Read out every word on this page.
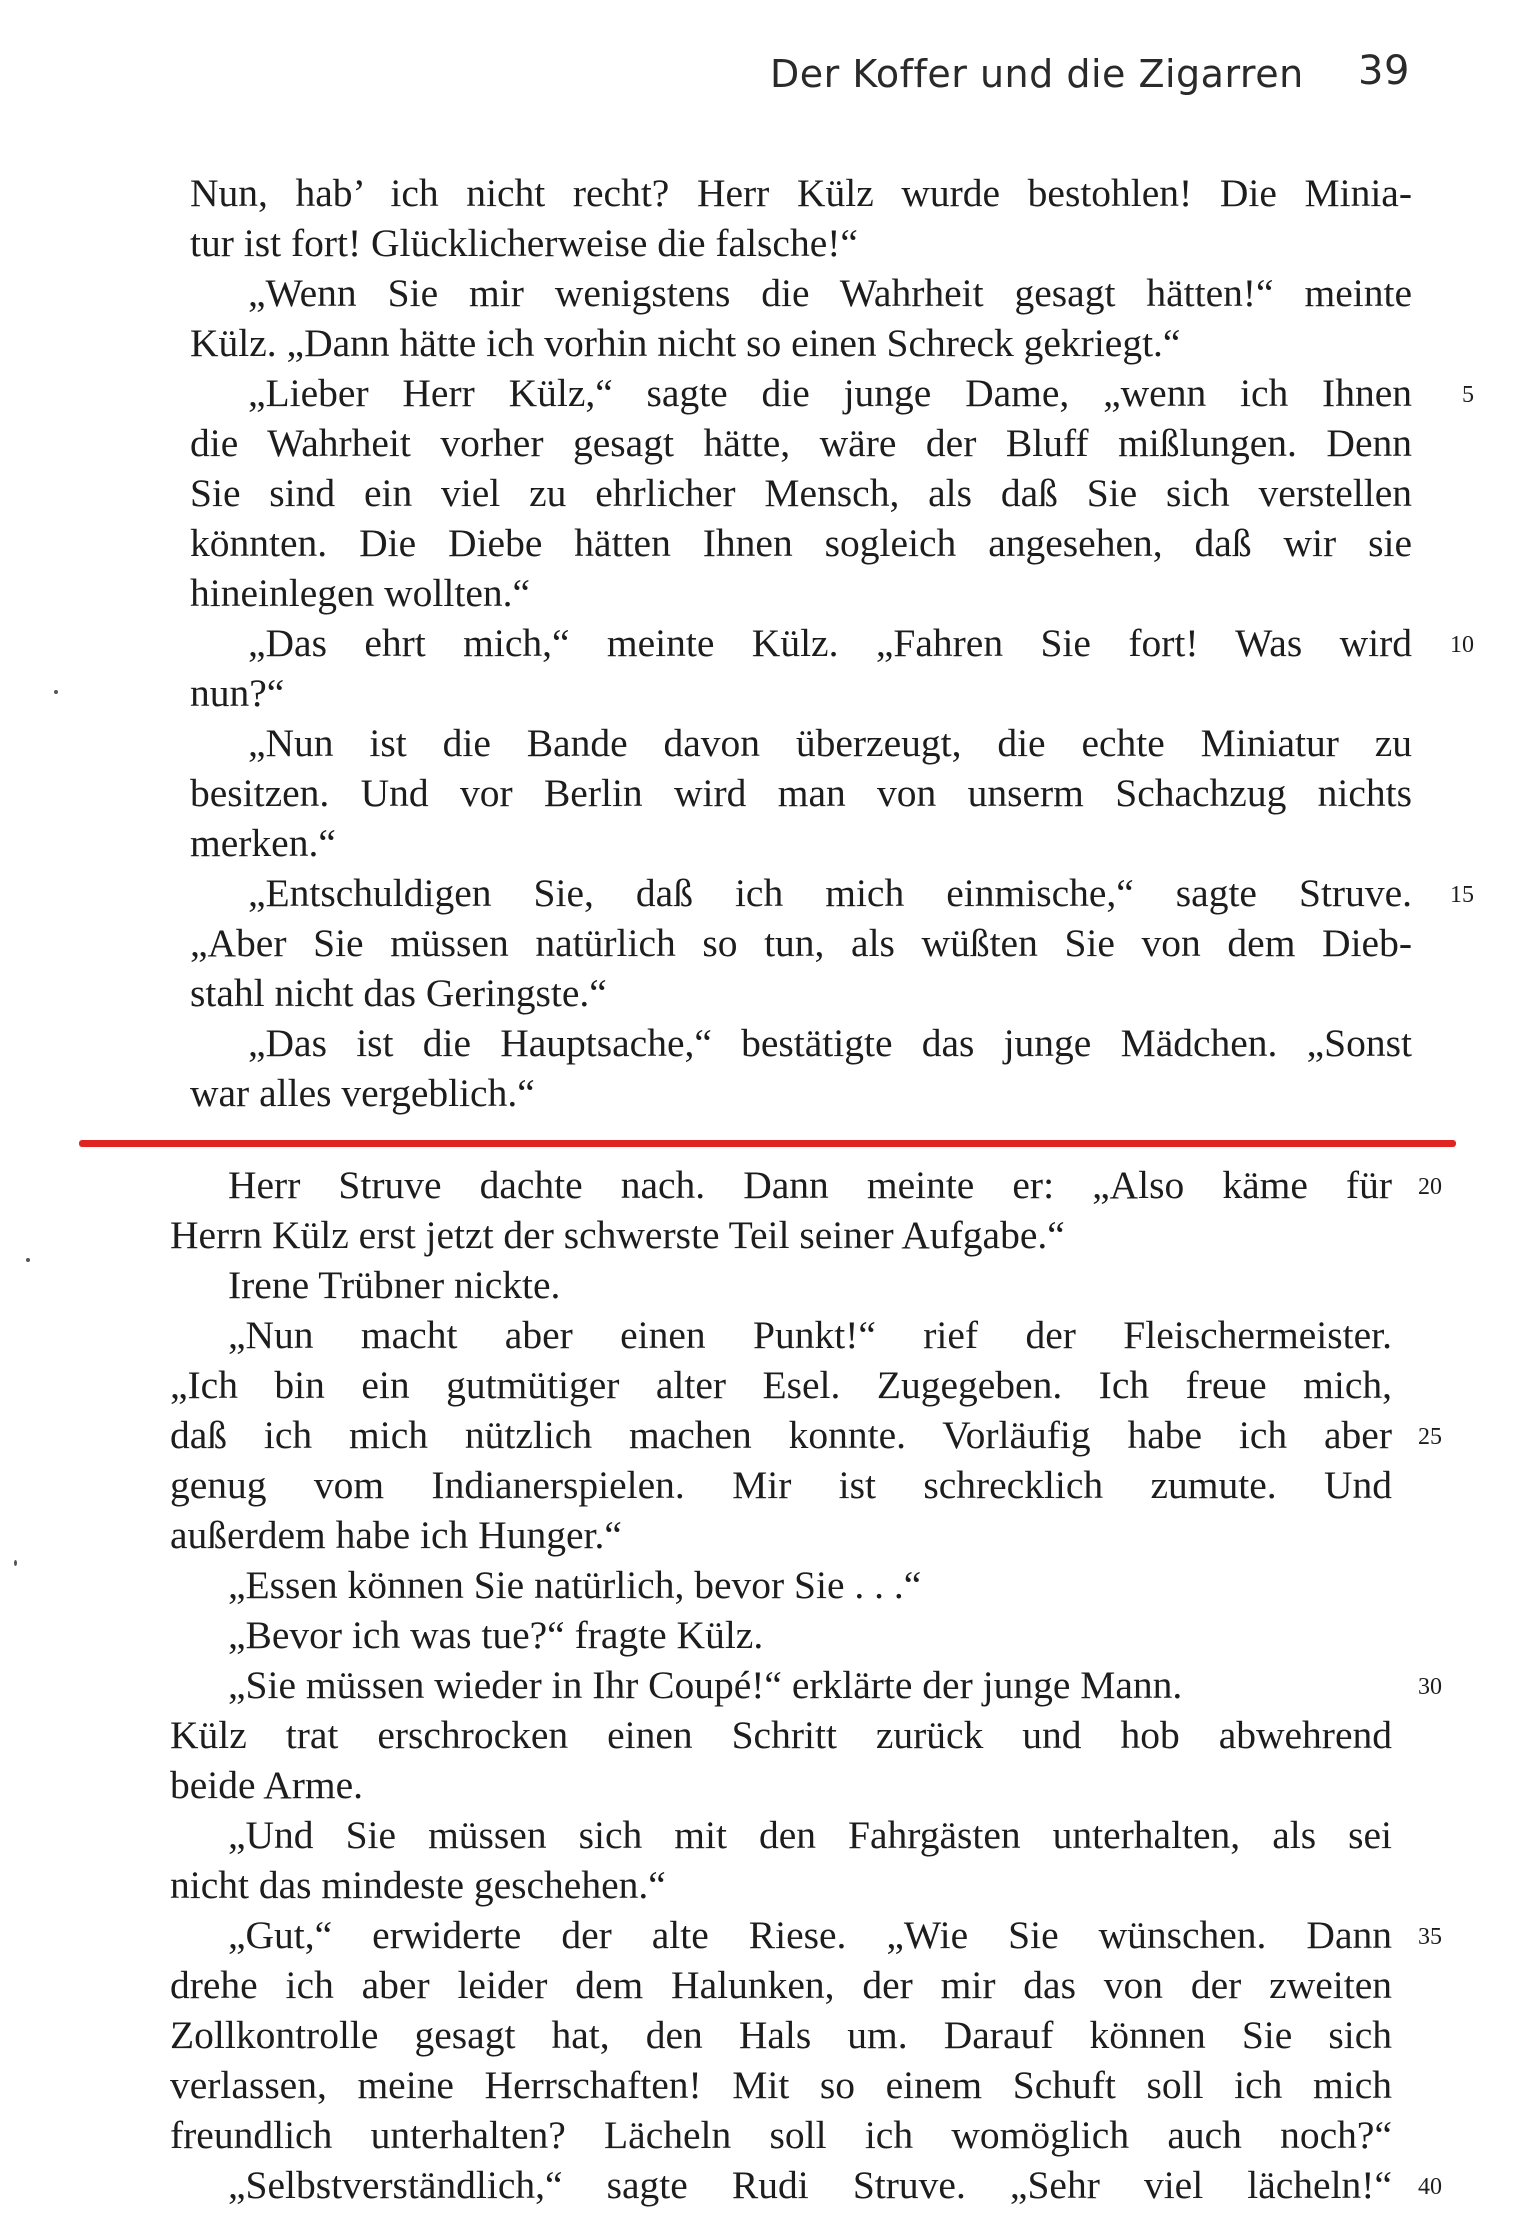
Der Koffer und die Zigarren 39
Nun, hab’ ich nicht recht? Herr Külz wurde bestohlen! Die Minia-
tur ist fort! Glücklicherweise die falsche!“
„Wenn Sie mir wenigstens die Wahrheit gesagt hätten!“ meinte
Külz. „Dann hätte ich vorhin nicht so einen Schreck gekriegt.“
„Lieber Herr Külz,“ sagte die junge Dame, „wenn ich Ihnen 5
die Wahrheit vorher gesagt hätte, wäre der Bluff mißlungen. Denn
Sie sind ein viel zu ehrlicher Mensch, als daß Sie sich verstellen
könnten. Die Diebe hätten Ihnen sogleich angesehen, daß wir sie
hineinlegen wollten.“
„Das ehrt mich,“ meinte Külz. „Fahren Sie fort! Was wird 10
nun?“
„Nun ist die Bande davon überzeugt, die echte Miniatur zu
besitzen. Und vor Berlin wird man von unserm Schachzug nichts
merken.“
„Entschuldigen Sie, daß ich mich einmische,“ sagte Struve. 15
„Aber Sie müssen natürlich so tun, als wüßten Sie von dem Dieb-
stahl nicht das Geringste.“
„Das ist die Hauptsache,“ bestätigte das junge Mädchen. „Sonst
war alles vergeblich.“
Herr Struve dachte nach. Dann meinte er: „Also käme für 20
Herrn Külz erst jetzt der schwerste Teil seiner Aufgabe.“
Irene Trübner nickte.
„Nun macht aber einen Punkt!“ rief der Fleischermeister.
„Ich bin ein gutmütiger alter Esel. Zugegeben. Ich freue mich,
daß ich mich nützlich machen konnte. Vorläufig habe ich aber 25
genug vom Indianerspielen. Mir ist schrecklich zumute. Und
außerdem habe ich Hunger.“
„Essen können Sie natürlich, bevor Sie . . .“
„Bevor ich was tue?“ fragte Külz.
„Sie müssen wieder in Ihr Coupé!“ erklärte der junge Mann.	30
Külz trat erschrocken einen Schritt zurück und hob abwehrend
beide Arme.
„Und Sie müssen sich mit den Fahrgästen unterhalten, als sei
nicht das mindeste geschehen.“
„Gut,“ erwiderte der alte Riese. „Wie Sie wünschen. Dann 35
drehe ich aber leider dem Halunken, der mir das von der zweiten
Zollkontrolle gesagt hat, den Hals um. Darauf können Sie sich
verlassen, meine Herrschaften! Mit so einem Schuft soll ich mich
freundlich unterhalten? Lächeln soll ich womöglich auch noch?“
„Selbstverständlich,“ sagte Rudi Struve. „Sehr viel lächeln!“ 40
